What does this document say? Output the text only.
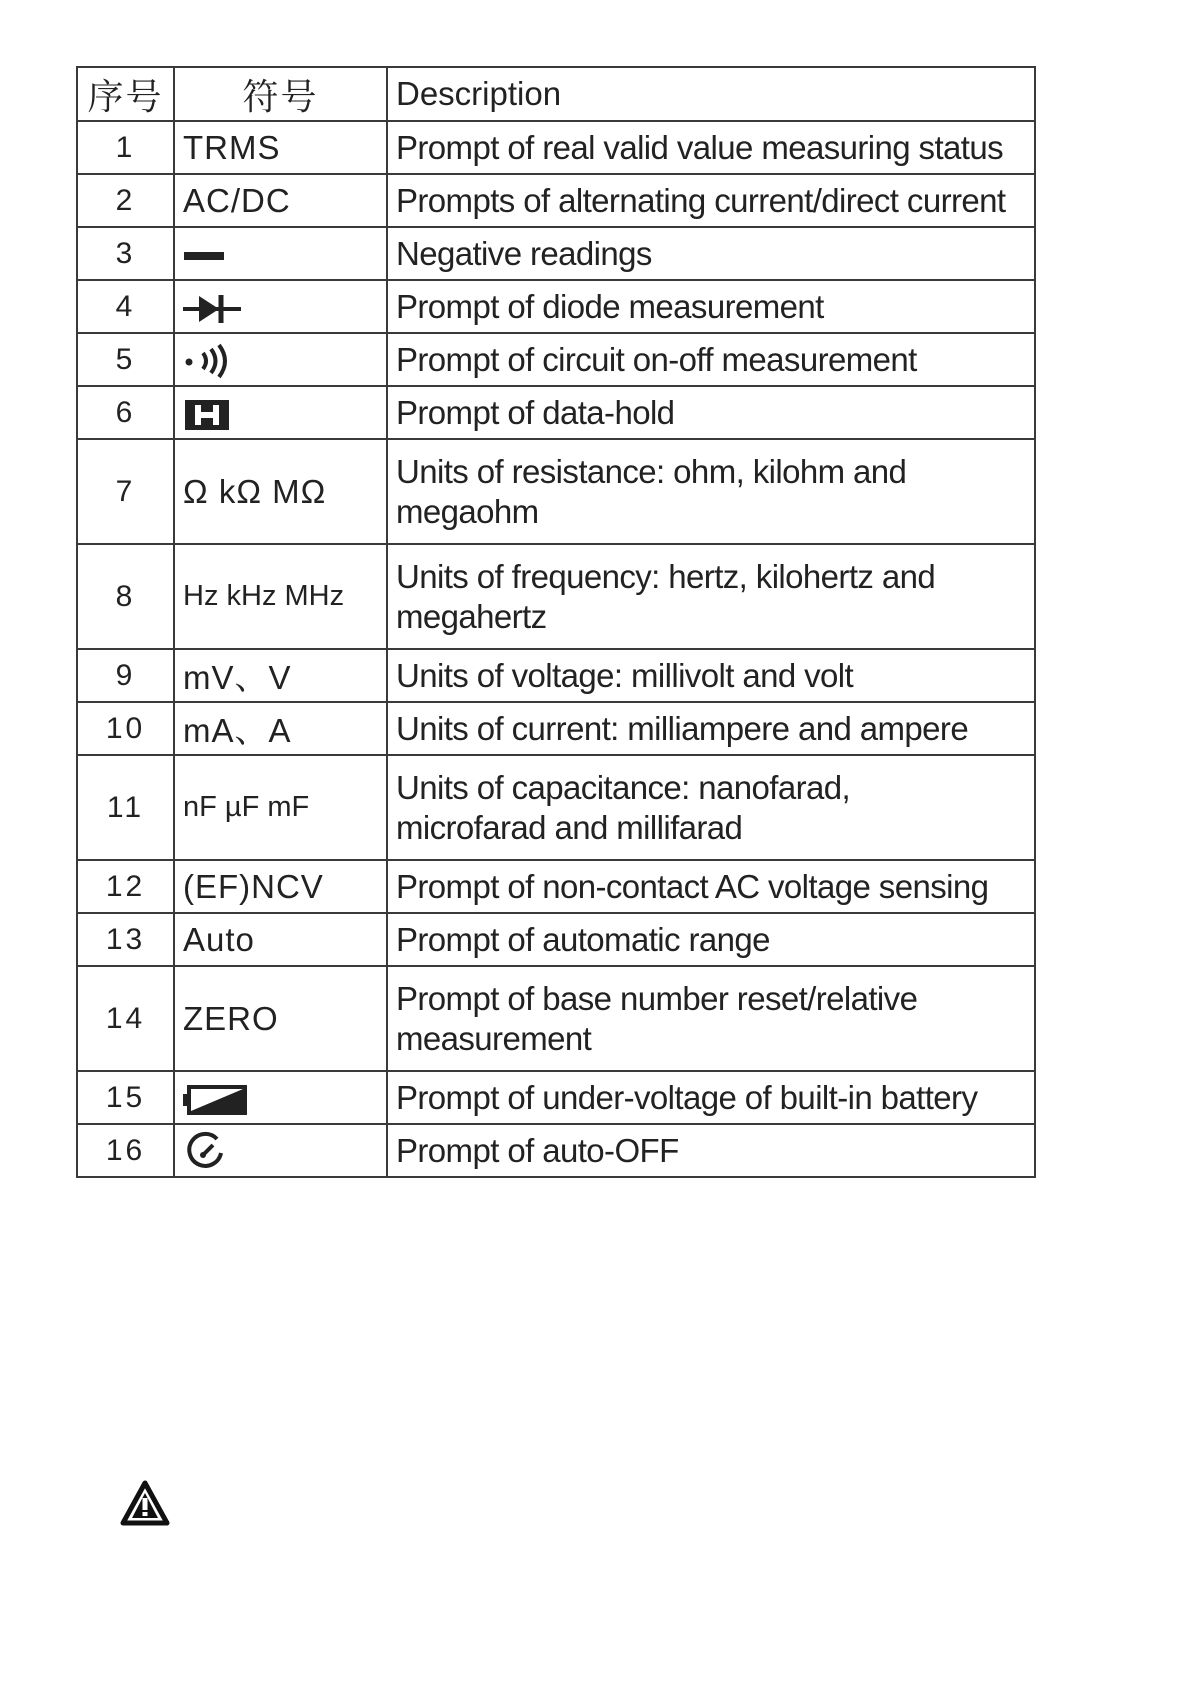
序号	符号	Description
1	TRMS	Prompt of real valid value measuring status

2	AC/DC	Prompts of alternating current/direct current

3		Negative readings

4		Prompt of diode measurement

5		Prompt of circuit on-off measurement

6		Prompt of data-hold

7	Ω kΩ MΩ	Units of resistance: ohm, kilohm and
megaohm

8	Hz kHz MHz	Units of frequency: hertz, kilohertz and
megahertz

9	mV、V	Units of voltage: millivolt and volt

10	mA、A	Units of current: milliampere and ampere

11	nF µF mF	Units of capacitance: nanofarad,
microfarad and millifarad

12	(EF)NCV	Prompt of non-contact AC voltage sensing

13	Auto	Prompt of automatic range

14	ZERO	Prompt of base number reset/relative
measurement

15		Prompt of under-voltage of built-in battery

16		Prompt of auto-OFF
